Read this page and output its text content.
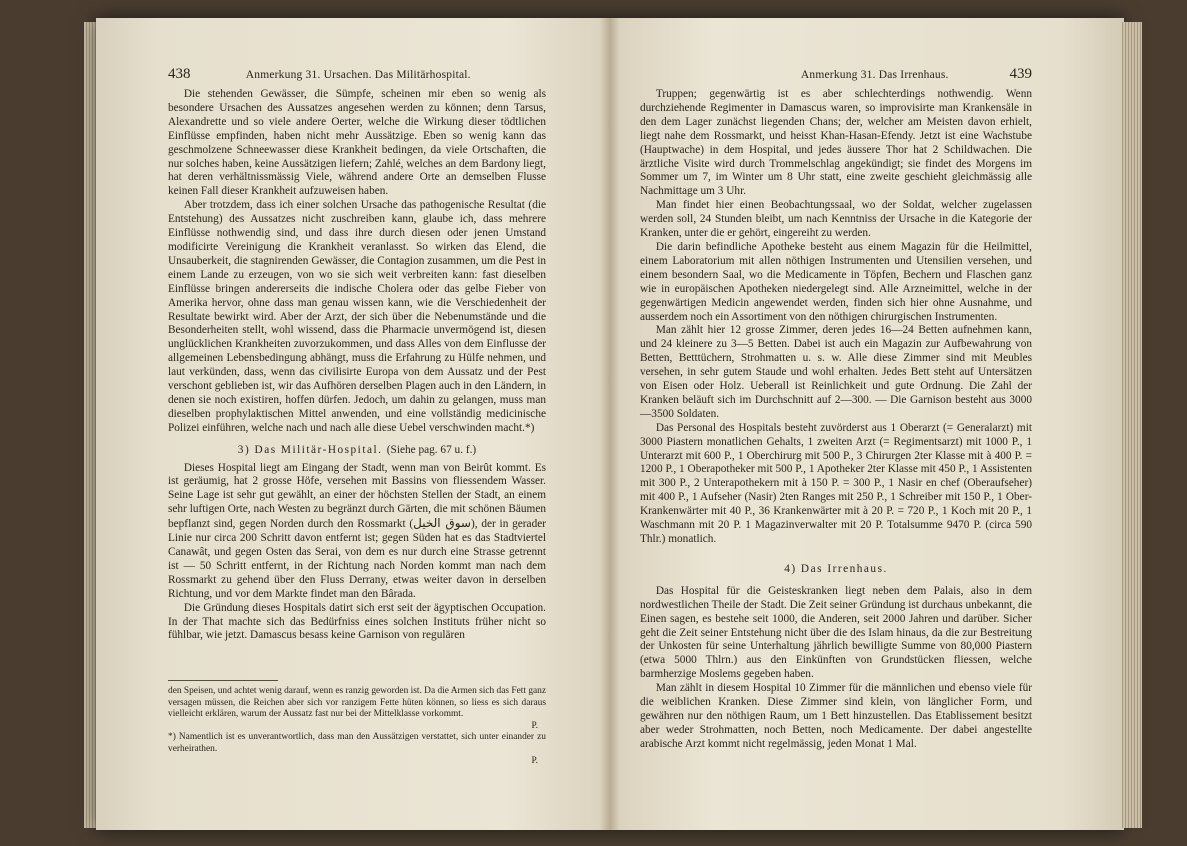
438	Anmerkung 31. Ursachen. Das Militärhospital.	Anmerkung 31. Das Irrenhaus.	439

Die stehenden Gewässer, die Sümpfe, scheinen mir eben so wenig als besondere Ursachen des Aussatzes angesehen werden zu können; denn Tarsus, Alexandrette und so viele andere Oerter, welche die Wirkung dieser tödtlichen Einflüsse empfinden, haben nicht mehr Aussätzige. Eben so wenig kann das geschmolzene Schneewasser diese Krankheit bedingen, da viele Ortschaften, die nur solches haben, keine Aussätzigen liefern; Zahlé, welches an dem Bardony liegt, hat deren verhältnissmässig Viele, während andere Orte an demselben Flusse keinen Fall dieser Krankheit aufzuweisen haben.

Aber trotzdem, dass ich einer solchen Ursache das pathogenische Resultat (die Entstehung) des Aussatzes nicht zuschreiben kann, glaube ich, dass mehrere Einflüsse nothwendig sind, und dass ihre durch diesen oder jenen Umstand modificirte Vereinigung die Krankheit veranlasst. So wirken das Elend, die Unsauberkeit, die stagnirenden Gewässer, die Contagion zusammen, um die Pest in einem Lande zu erzeugen, von wo sie sich weit verbreiten kann: fast dieselben Einflüsse bringen andererseits die indische Cholera oder das gelbe Fieber von Amerika hervor, ohne dass man genau wissen kann, wie die Verschiedenheit der Resultate bewirkt wird. Aber der Arzt, der sich über die Nebenumstände und die Besonderheiten stellt, wohl wissend, dass die Pharmacie unvermögend ist, diesen unglücklichen Krankheiten zuvorzukommen, und dass Alles von dem Einflusse der allgemeinen Lebensbedingung abhängt, muss die Erfahrung zu Hülfe nehmen, und laut verkünden, dass, wenn das civilisirte Europa von dem Aussatz und der Pest verschont geblieben ist, wir das Aufhören derselben Plagen auch in den Ländern, in denen sie noch existiren, hoffen dürfen. Jedoch, um dahin zu gelangen, muss man dieselben prophylaktischen Mittel anwenden, und eine vollständig medicinische Polizei einführen, welche nach und nach alle diese Uebel verschwinden macht.*)

3) Das Militär-Hospital. (Siehe pag. 67 u. f.)

Dieses Hospital liegt am Eingang der Stadt, wenn man von Beirût kommt. Es ist geräumig, hat 2 grosse Höfe, versehen mit Bassins von fliessendem Wasser. Seine Lage ist sehr gut gewählt, an einer der höchsten Stellen der Stadt, an einem sehr luftigen Orte, nach Westen zu begränzt durch Gärten, die mit schönen Bäumen bepflanzt sind, gegen Norden durch den Rossmarkt (سوق الخيل), der in gerader Linie nur circa 200 Schritt davon entfernt ist; gegen Süden hat es das Stadtviertel Canawât, und gegen Osten das Serai, von dem es nur durch eine Strasse getrennt ist — 50 Schritt entfernt, in der Richtung nach Norden kommt man nach dem Rossmarkt zu gehend über den Fluss Derrany, etwas weiter davon in derselben Richtung, und vor dem Markte findet man den Bârada.

Die Gründung dieses Hospitals datirt sich erst seit der ägyptischen Occupation. In der That machte sich das Bedürfniss eines solchen Instituts früher nicht so fühlbar, wie jetzt. Damascus besass keine Garnison von regulären

den Speisen, und achtet wenig darauf, wenn es ranzig geworden ist. Da die Armen sich das Fett ganz versagen müssen, die Reichen aber sich vor ranzigem Fette hüten können, so liess es sich daraus vielleicht erklären, warum der Aussatz fast nur bei der Mittelklasse vorkommt.
P.

*) Namentlich ist es unverantwortlich, dass man den Aussätzigen verstattet, sich unter einander zu verheirathen.
P.

Truppen; gegenwärtig ist es aber schlechterdings nothwendig. Wenn durchziehende Regimenter in Damascus waren, so improvisirte man Krankensäle in den dem Lager zunächst liegenden Chans; der, welcher am Meisten davon erhielt, liegt nahe dem Rossmarkt, und heisst Khan-Hasan-Efendy. Jetzt ist eine Wachstube (Hauptwache) in dem Hospital, und jedes äussere Thor hat 2 Schildwachen. Die ärztliche Visite wird durch Trommelschlag angekündigt; sie findet des Morgens im Sommer um 7, im Winter um 8 Uhr statt, eine zweite geschieht gleichmässig alle Nachmittage um 3 Uhr.

Man findet hier einen Beobachtungssaal, wo der Soldat, welcher zugelassen werden soll, 24 Stunden bleibt, um nach Kenntniss der Ursache in die Kategorie der Kranken, unter die er gehört, eingereiht zu werden.

Die darin befindliche Apotheke besteht aus einem Magazin für die Heilmittel, einem Laboratorium mit allen nöthigen Instrumenten und Utensilien versehen, und einem besondern Saal, wo die Medicamente in Töpfen, Bechern und Flaschen ganz wie in europäischen Apotheken niedergelegt sind. Alle Arzneimittel, welche in der gegenwärtigen Medicin angewendet werden, finden sich hier ohne Ausnahme, und ausserdem noch ein Assortiment von den nöthigen chirurgischen Instrumenten.

Man zählt hier 12 grosse Zimmer, deren jedes 16—24 Betten aufnehmen kann, und 24 kleinere zu 3—5 Betten. Dabei ist auch ein Magazin zur Aufbewahrung von Betten, Betttüchern, Strohmatten u. s. w. Alle diese Zimmer sind mit Meubles versehen, in sehr gutem Staude und wohl erhalten. Jedes Bett steht auf Untersätzen von Eisen oder Holz. Ueberall ist Reinlichkeit und gute Ordnung. Die Zahl der Kranken beläuft sich im Durchschnitt auf 2—300. — Die Garnison besteht aus 3000—3500 Soldaten.

Das Personal des Hospitals besteht zuvörderst aus 1 Oberarzt (= Generalarzt) mit 3000 Piastern monatlichen Gehalts, 1 zweiten Arzt (= Regimentsarzt) mit 1000 P., 1 Unterarzt mit 600 P., 1 Oberchirurg mit 500 P., 3 Chirurgen 2ter Klasse mit à 400 P. = 1200 P., 1 Oberapotheker mit 500 P., 1 Apotheker 2ter Klasse mit 450 P., 1 Assistenten mit 300 P., 2 Unterapothekern mit à 150 P. = 300 P., 1 Nasir en chef (Oberaufseher) mit 400 P., 1 Aufseher (Nasir) 2ten Ranges mit 250 P., 1 Schreiber mit 150 P., 1 Ober-Krankenwärter mit 40 P., 36 Krankenwärter mit à 20 P. = 720 P., 1 Koch mit 20 P., 1 Waschmann mit 20 P. 1 Magazinverwalter mit 20 P. Totalsumme 9470 P. (circa 590 Thlr.) monatlich.

4) Das Irrenhaus.

Das Hospital für die Geisteskranken liegt neben dem Palais, also in dem nordwestlichen Theile der Stadt. Die Zeit seiner Gründung ist durchaus unbekannt, die Einen sagen, es bestehe seit 1000, die Anderen, seit 2000 Jahren und darüber. Sicher geht die Zeit seiner Entstehung nicht über die des Islam hinaus, da die zur Bestreitung der Unkosten für seine Unterhaltung jährlich bewilligte Summe von 80,000 Piastern (etwa 5000 Thlrn.) aus den Einkünften von Grundstücken fliessen, welche barmherzige Moslems gegeben haben.

Man zählt in diesem Hospital 10 Zimmer für die männlichen und ebenso viele für die weiblichen Kranken. Diese Zimmer sind klein, von länglicher Form, und gewähren nur den nöthigen Raum, um 1 Bett hinzustellen. Das Etablissement besitzt aber weder Strohmatten, noch Betten, noch Medicamente. Der dabei angestellte arabische Arzt kommt nicht regelmässig, jeden Monat 1 Mal.
